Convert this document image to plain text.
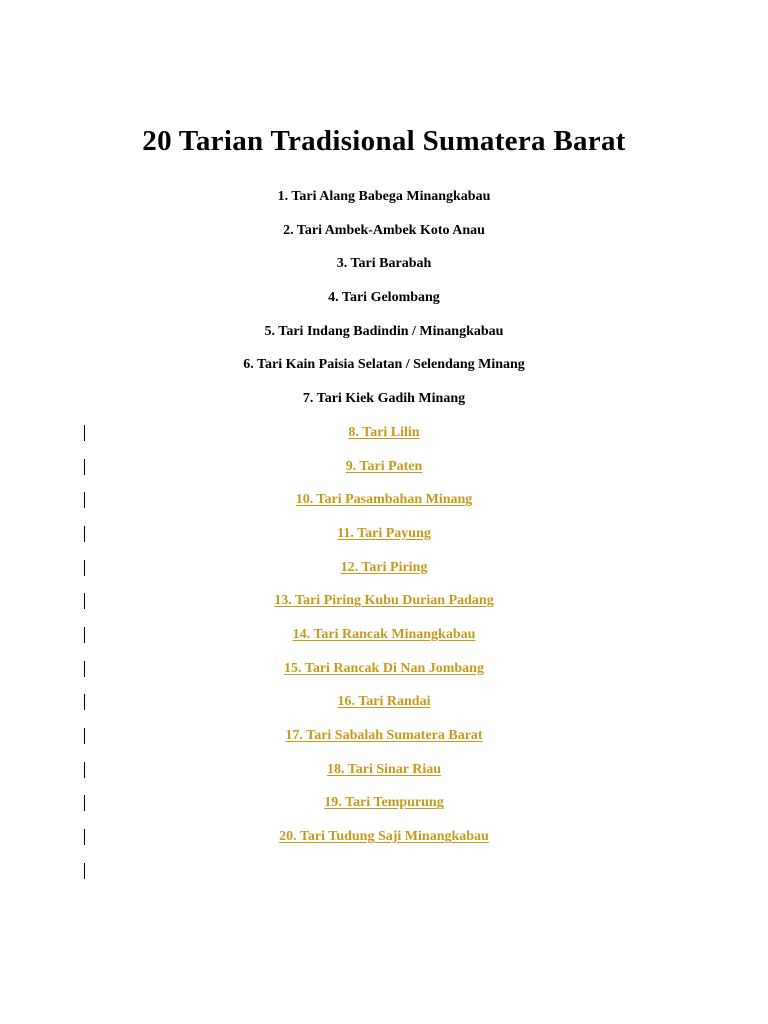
20 Tarian Tradisional Sumatera Barat
1. Tari Alang Babega Minangkabau
2. Tari Ambek-Ambek Koto Anau
3. Tari Barabah
4. Tari Gelombang
5. Tari Indang Badindin / Minangkabau
6. Tari Kain Paisia Selatan / Selendang Minang
7. Tari Kiek Gadih Minang
8. Tari Lilin
9. Tari Paten
10. Tari Pasambahan Minang
11. Tari Payung
12. Tari Piring
13. Tari Piring Kubu Durian Padang
14. Tari Rancak Minangkabau
15. Tari Rancak Di Nan Jombang
16. Tari Randai
17. Tari Sabalah Sumatera Barat
18. Tari Sinar Riau
19. Tari Tempurung
20. Tari Tudung Saji Minangkabau
